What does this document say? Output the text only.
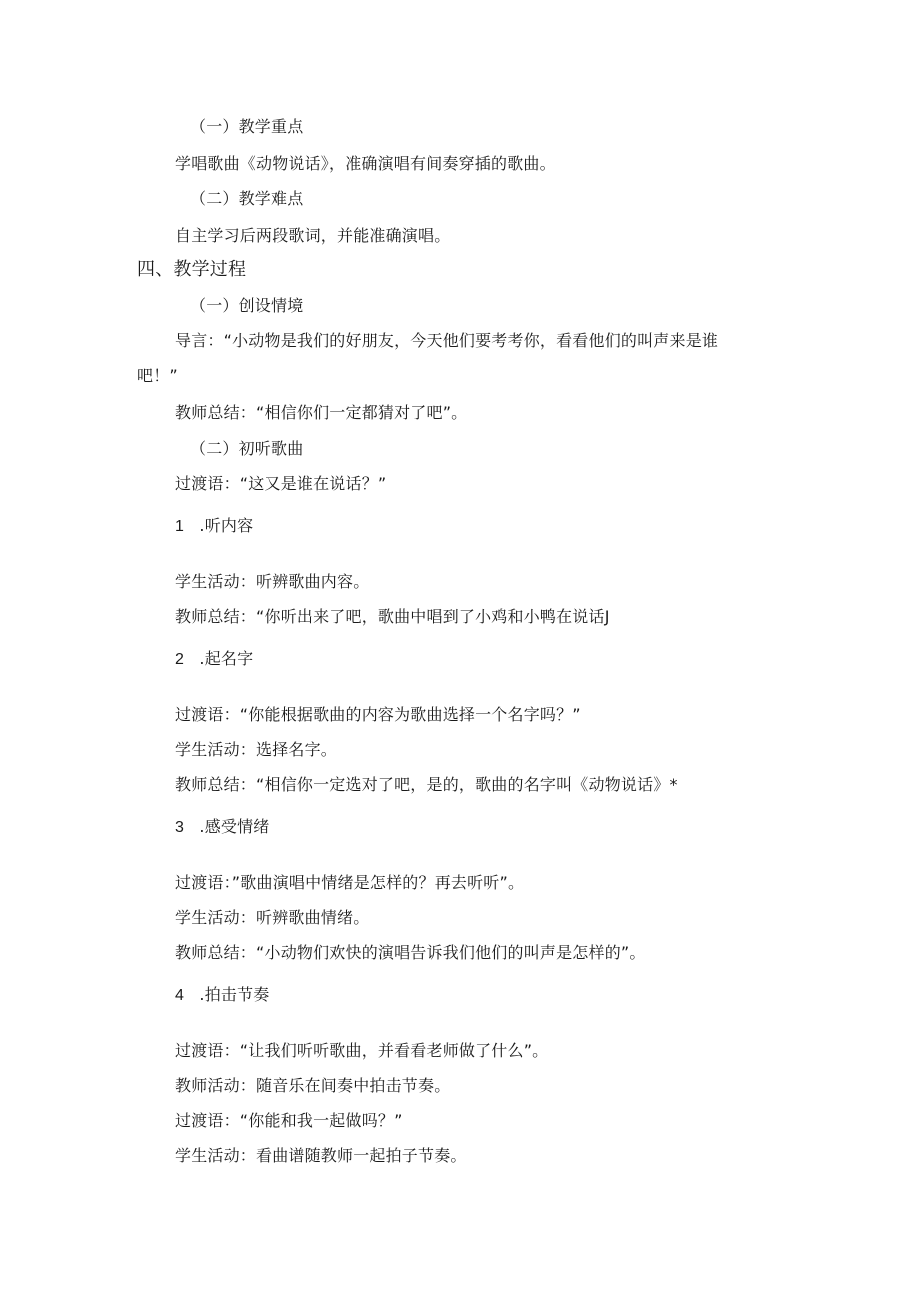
（一）教学重点
学唱歌曲《动物说话》，准确演唱有间奏穿插的歌曲。
（二）教学难点
自主学习后两段歌词，并能准确演唱。
四、教学过程
（一）创设情境
导言：“小动物是我们的好朋友，今天他们要考考你，看看他们的叫声来是谁
吧！”
教师总结：“相信你们一定都猜对了吧”。
（二）初听歌曲
过渡语：“这又是谁在说话？”
1 .听内容
学生活动：听辨歌曲内容。
教师总结：“你听出来了吧，歌曲中唱到了小鸡和小鸭在说话J
2 .起名字
过渡语：“你能根据歌曲的内容为歌曲选择一个名字吗？”
学生活动：选择名字。
教师总结：“相信你一定选对了吧，是的，歌曲的名字叫《动物说话》*
3 .感受情绪
过渡语：”歌曲演唱中情绪是怎样的？再去听听”。
学生活动：听辨歌曲情绪。
教师总结：“小动物们欢快的演唱告诉我们他们的叫声是怎样的”。
4 .拍击节奏
过渡语：“让我们听听歌曲，并看看老师做了什么”。
教师活动：随音乐在间奏中拍击节奏。
过渡语：“你能和我一起做吗？”
学生活动：看曲谱随教师一起拍子节奏。
